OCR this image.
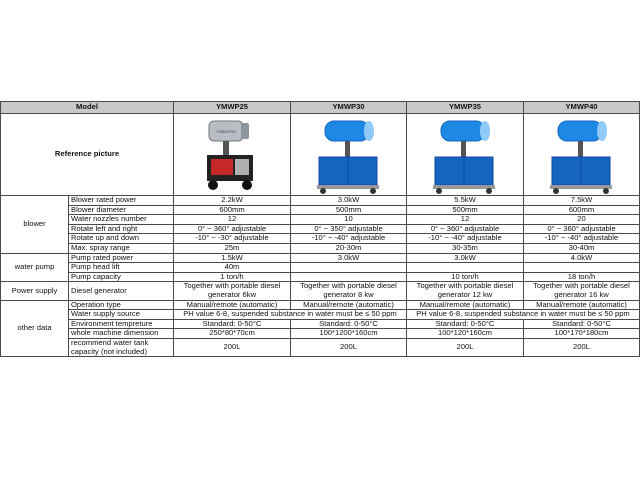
Model		YMWP25	YMWP30	YMWP35	YMWP40
Reference picture		YOBOTSH

blower	Blower rated power	2.2kW	3.0kW	5.5kW	7.5kW
	Blower diameter	600mm	500mm	500mm	600mm
	Water nozzles number	12	10	12	20
	Rotate left and right	0° ~ 360° adjustable	0° ~ 350° adjustable	0° ~ 360° adjustable	0° ~ 360° adjustable
	Rotate up and down	-10° ~ -30° adjustable	-10° ~ -40° adjustable	-10° ~ -40° adjustable	-10° ~ -40° adjustable
	Max. spray range	25m	20-30m	30-35m	30-40m
water pump	Pump rated power	1.5kW	3.0kW	3.0kW	4.0kW
	Pump head lift	40m			
	Pump capacity	1 ton/h		10 ton/h	18 ton/h
Power supply	Diesel generator	Together with portable diesel generator 6kw	Together with portable diesel generator 8 kw	Together with portable diesel generator 12 kw	Together with portable diesel generator 16 kw
other data	Operation type	Manual/remote (automatic)	Manual/remote (automatic)	Manual/remote (automatic)	Manual/remote (automatic)
	Water supply source	PH value 6-8, suspended substance in water must be ≤ 50 ppm		PH value 6-8, suspended substance in water must be ≤ 50 ppm	
	Environment tempreture	Standard: 0-50°C	Standard: 0-50°C	Standard: 0-50°C	Standard: 0-50°C
	whole machine dimension	250*80*70cm	100*1200*160cm	100*120*160cm	100*170*180cm
	recommend water tank capacity (not included)	200L	200L	200L	200L
